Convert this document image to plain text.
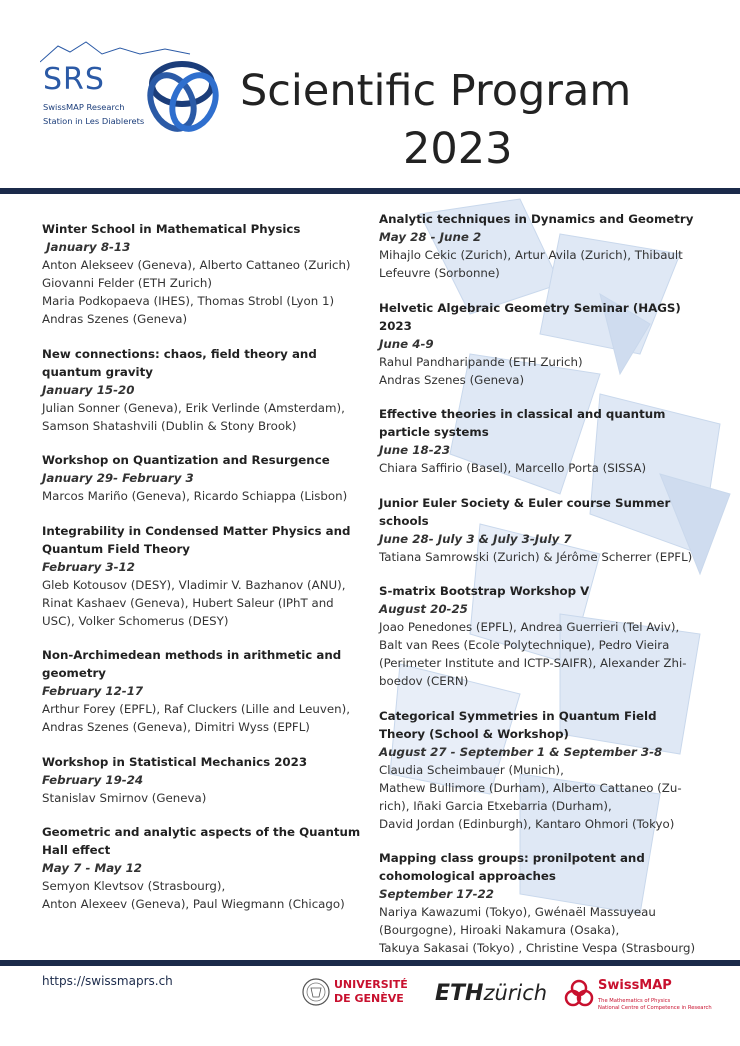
SRS
SwissMAP Research
Station in Les Diablerets
Scientific Program
2023
Winter School in Mathematical Physics
January 8-13
Anton Alekseev (Geneva), Alberto Cattaneo (Zurich)
Giovanni Felder (ETH Zurich)
Maria Podkopaeva (IHES), Thomas Strobl (Lyon 1)
Andras Szenes (Geneva)
New connections: chaos, field theory and quantum gravity
January 15-20
Julian Sonner (Geneva), Erik Verlinde (Amsterdam),
Samson Shatashvili (Dublin & Stony Brook)
Workshop on Quantization and Resurgence
January 29- February 3
Marcos Mariño (Geneva), Ricardo Schiappa (Lisbon)
Integrability in Condensed Matter Physics and Quantum Field Theory
February 3-12
Gleb Kotousov (DESY), Vladimir V. Bazhanov (ANU),
Rinat Kashaev (Geneva), Hubert Saleur (IPhT and
USC), Volker Schomerus (DESY)
Non-Archimedean methods in arithmetic and geometry
February 12-17
Arthur Forey (EPFL), Raf Cluckers (Lille and Leuven),
Andras Szenes (Geneva), Dimitri Wyss (EPFL)
Workshop in Statistical Mechanics 2023
February 19-24
Stanislav Smirnov (Geneva)
Geometric and analytic aspects of the Quantum Hall effect
May 7 - May 12
Semyon Klevtsov (Strasbourg),
Anton Alexeev (Geneva), Paul Wiegmann (Chicago)
Analytic techniques in Dynamics and Geometry
May 28 - June 2
Mihajlo Cekic (Zurich), Artur Avila (Zurich), Thibault
Lefeuvre (Sorbonne)
Helvetic Algebraic Geometry Seminar (HAGS) 2023
June 4-9
Rahul Pandharipande (ETH Zurich)
Andras Szenes (Geneva)
Effective theories in classical and quantum particle systems
June 18-23
Chiara Saffirio (Basel), Marcello Porta (SISSA)
Junior Euler Society & Euler course Summer schools
June 28- July 3 & July 3-July 7
Tatiana Samrowski (Zurich) & Jérôme Scherrer (EPFL)
S-matrix Bootstrap Workshop V
August 20-25
Joao Penedones (EPFL), Andrea Guerrieri (Tel Aviv),
Balt van Rees (Ecole Polytechnique), Pedro Vieira
(Perimeter Institute and ICTP-SAIFR), Alexander Zhi-
boedov (CERN)
Categorical Symmetries in Quantum Field Theory (School & Workshop)
August 27 - September 1 & September 3-8
Claudia Scheimbauer (Munich),
Mathew Bullimore (Durham), Alberto Cattaneo (Zu-
rich), Iñaki Garcia Etxebarria (Durham),
David Jordan (Edinburgh), Kantaro Ohmori (Tokyo)
Mapping class groups: pronilpotent and cohomological approaches
September 17-22
Nariya Kawazumi (Tokyo), Gwénaël Massuyeau
(Bourgogne), Hiroaki Nakamura (Osaka),
Takuya Sakasai (Tokyo) , Christine Vespa (Strasbourg)
https://swissmaprs.ch	UNIVERSITÉ
DE GENÈVE ETHzürich	SwissMAP
The Mathematics of Physics
National Centre of Competence in Research
